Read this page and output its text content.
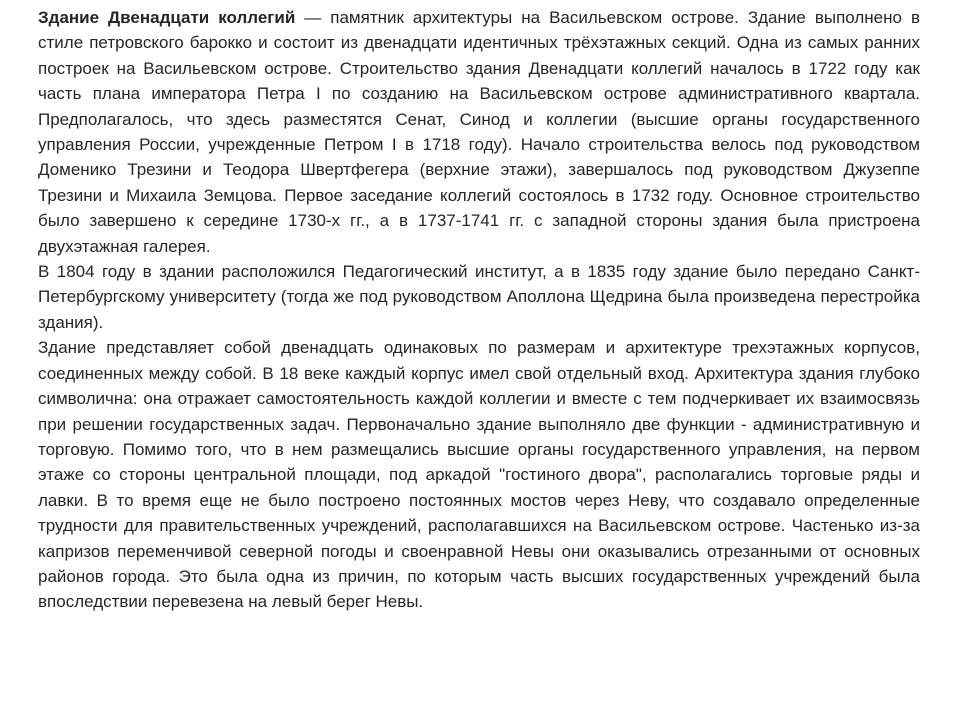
Здание Двенадцати коллегий — памятник архитектуры на Васильевском острове. Здание выполнено в стиле петровского барокко и состоит из двенадцати идентичных трёхэтажных секций. Одна из самых ранних построек на Васильевском острове. Строительство здания Двенадцати коллегий началось в 1722 году как часть плана императора Петра I по созданию на Васильевском острове административного квартала. Предполагалось, что здесь разместятся Сенат, Синод и коллегии (высшие органы государственного управления России, учрежденные Петром I в 1718 году). Начало строительства велось под руководством Доменико Трезини и Теодора Швертфегера (верхние этажи), завершалось под руководством Джузеппе Трезини и Михаила Земцова. Первое заседание коллегий состоялось в 1732 году. Основное строительство было завершено к середине 1730-х гг., а в 1737-1741 гг. с западной стороны здания была пристроена двухэтажная галерея.

В 1804 году в здании расположился Педагогический институт, а в 1835 году здание было передано Санкт-Петербургскому университету (тогда же под руководством Аполлона Щедрина была произведена перестройка здания).

Здание представляет собой двенадцать одинаковых по размерам и архитектуре трехэтажных корпусов, соединенных между собой. В 18 веке каждый корпус имел свой отдельный вход. Архитектура здания глубоко символична: она отражает самостоятельность каждой коллегии и вместе с тем подчеркивает их взаимосвязь при решении государственных задач. Первоначально здание выполняло две функции - административную и торговую. Помимо того, что в нем размещались высшие органы государственного управления, на первом этаже со стороны центральной площади, под аркадой "гостиного двора", располагались торговые ряды и лавки. В то время еще не было построено постоянных мостов через Неву, что создавало определенные трудности для правительственных учреждений, располагавшихся на Васильевском острове. Частенько из-за капризов переменчивой северной погоды и своенравной Невы они оказывались отрезанными от основных районов города. Это была одна из причин, по которым часть высших государственных учреждений была впоследствии перевезена на левый берег Невы.
